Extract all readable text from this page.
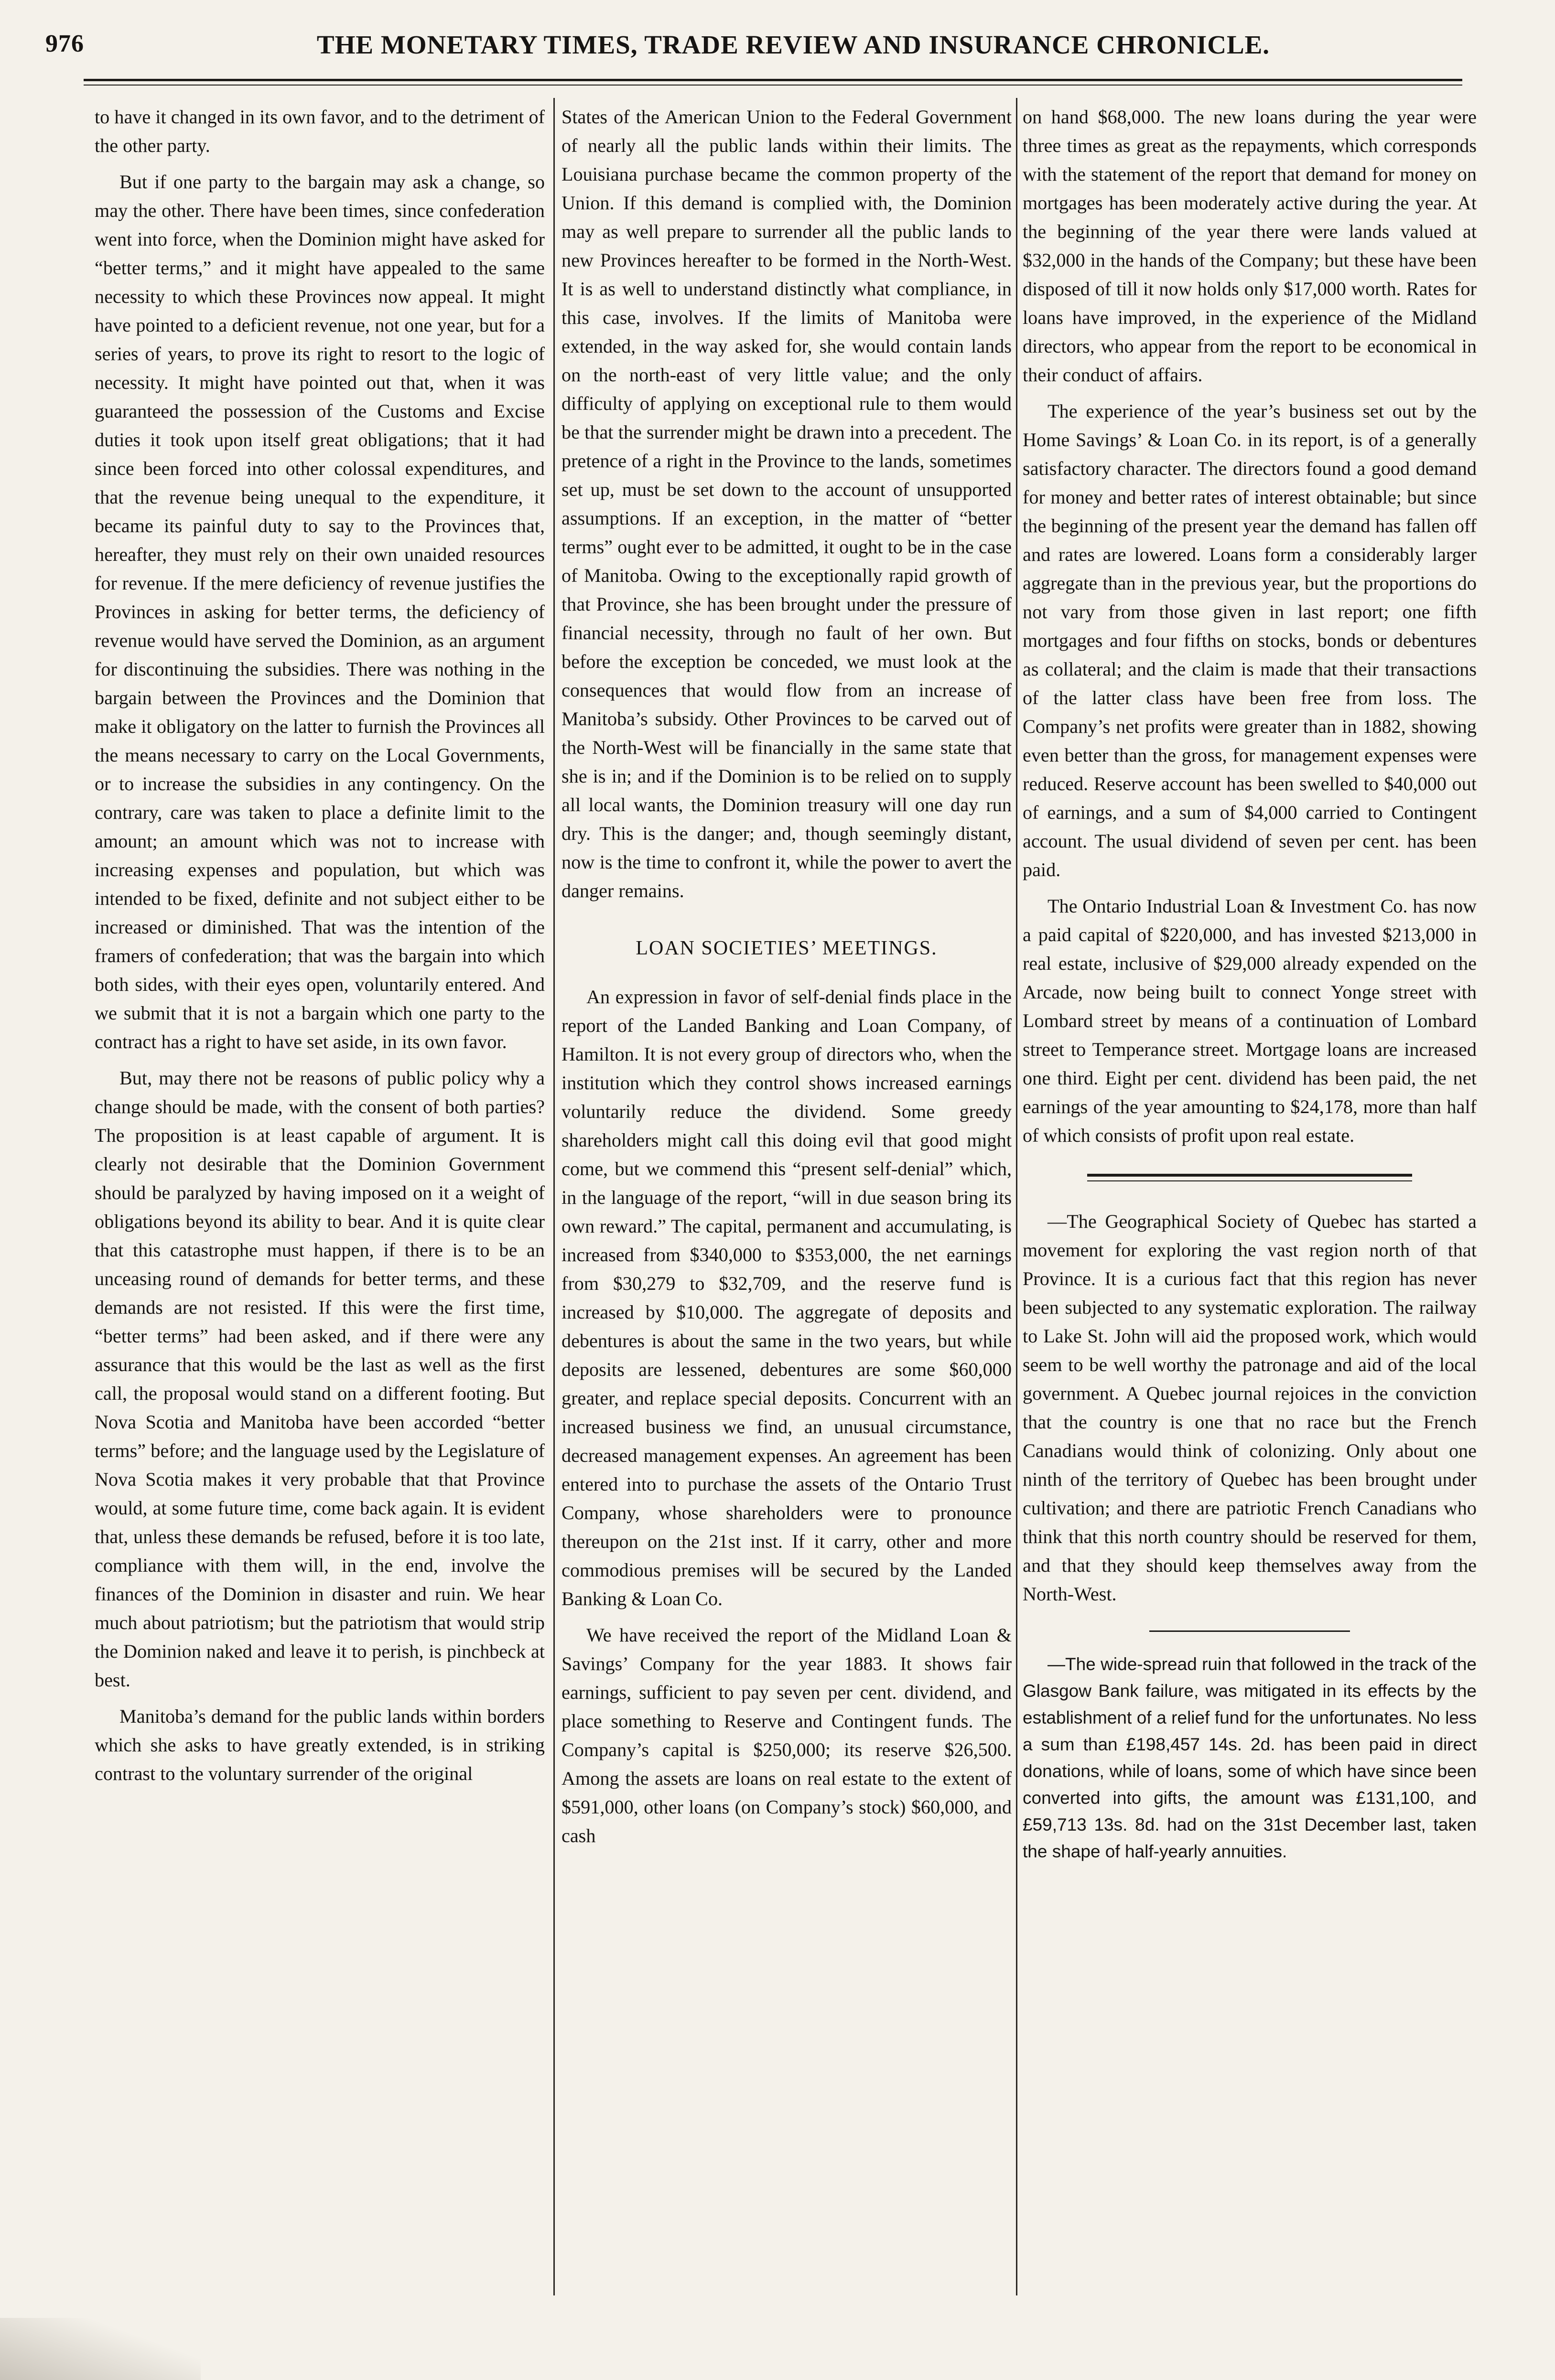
976	THE MONETARY TIMES, TRADE REVIEW AND INSURANCE CHRONICLE.

to have it changed in its own favor, and to the detriment of the other party.

But if one party to the bargain may ask a change, so may the other. There have been times, since confederation went into force, when the Dominion might have asked for “better terms,” and it might have appealed to the same necessity to which these Provinces now appeal. It might have pointed to a deficient revenue, not one year, but for a series of years, to prove its right to resort to the logic of necessity. It might have pointed out that, when it was guaranteed the possession of the Customs and Excise duties it took upon itself great obligations; that it had since been forced into other colossal expenditures, and that the revenue being unequal to the expenditure, it became its painful duty to say to the Provinces that, hereafter, they must rely on their own unaided resources for revenue. If the mere deficiency of revenue justifies the Provinces in asking for better terms, the deficiency of revenue would have served the Dominion, as an argument for discontinuing the subsidies. There was nothing in the bargain between the Provinces and the Dominion that make it obligatory on the latter to furnish the Provinces all the means necessary to carry on the Local Governments, or to increase the subsidies in any contingency. On the contrary, care was taken to place a definite limit to the amount; an amount which was not to increase with increasing expenses and population, but which was intended to be fixed, definite and not subject either to be increased or diminished. That was the intention of the framers of confederation; that was the bargain into which both sides, with their eyes open, voluntarily entered. And we submit that it is not a bargain which one party to the contract has a right to have set aside, in its own favor.

But, may there not be reasons of public policy why a change should be made, with the consent of both parties? The proposition is at least capable of argument. It is clearly not desirable that the Dominion Government should be paralyzed by having imposed on it a weight of obligations beyond its ability to bear. And it is quite clear that this catastrophe must happen, if there is to be an unceasing round of demands for better terms, and these demands are not resisted. If this were the first time, “better terms” had been asked, and if there were any assurance that this would be the last as well as the first call, the proposal would stand on a different footing. But Nova Scotia and Manitoba have been accorded “better terms” before; and the language used by the Legislature of Nova Scotia makes it very probable that that Province would, at some future time, come back again. It is evident that, unless these demands be refused, before it is too late, compliance with them will, in the end, involve the finances of the Dominion in disaster and ruin. We hear much about patriotism; but the patriotism that would strip the Dominion naked and leave it to perish, is pinchbeck at best.

Manitoba’s demand for the public lands within borders which she asks to have greatly extended, is in striking contrast to the voluntary surrender of the original

States of the American Union to the Federal Government of nearly all the public lands within their limits. The Louisiana purchase became the common property of the Union. If this demand is complied with, the Dominion may as well prepare to surrender all the public lands to new Provinces hereafter to be formed in the North-West. It is as well to understand distinctly what compliance, in this case, involves. If the limits of Manitoba were extended, in the way asked for, she would contain lands on the north-east of very little value; and the only difficulty of applying on exceptional rule to them would be that the surrender might be drawn into a precedent. The pretence of a right in the Province to the lands, sometimes set up, must be set down to the account of unsupported assumptions. If an exception, in the matter of “better terms” ought ever to be admitted, it ought to be in the case of Manitoba. Owing to the exceptionally rapid growth of that Province, she has been brought under the pressure of financial necessity, through no fault of her own. But before the exception be conceded, we must look at the consequences that would flow from an increase of Manitoba’s subsidy. Other Provinces to be carved out of the North-West will be financially in the same state that she is in; and if the Dominion is to be relied on to supply all local wants, the Dominion treasury will one day run dry. This is the danger; and, though seemingly distant, now is the time to confront it, while the power to avert the danger remains.

LOAN SOCIETIES’ MEETINGS.

An expression in favor of self-denial finds place in the report of the Landed Banking and Loan Company, of Hamilton. It is not every group of directors who, when the institution which they control shows increased earnings voluntarily reduce the dividend. Some greedy shareholders might call this doing evil that good might come, but we commend this “present self-denial” which, in the language of the report, “will in due season bring its own reward.” The capital, permanent and accumulating, is increased from $340,000 to $353,000, the net earnings from $30,279 to $32,709, and the reserve fund is increased by $10,000. The aggregate of deposits and debentures is about the same in the two years, but while deposits are lessened, debentures are some $60,000 greater, and replace special deposits. Concurrent with an increased business we find, an unusual circumstance, decreased management expenses. An agreement has been entered into to purchase the assets of the Ontario Trust Company, whose shareholders were to pronounce thereupon on the 21st inst. If it carry, other and more commodious premises will be secured by the Landed Banking & Loan Co.

We have received the report of the Midland Loan & Savings’ Company for the year 1883. It shows fair earnings, sufficient to pay seven per cent. dividend, and place something to Reserve and Contingent funds. The Company’s capital is $250,000; its reserve $26,500. Among the assets are loans on real estate to the extent of $591,000, other loans (on Company’s stock) $60,000, and cash

on hand $68,000. The new loans during the year were three times as great as the repayments, which corresponds with the statement of the report that demand for money on mortgages has been moderately active during the year. At the beginning of the year there were lands valued at $32,000 in the hands of the Company; but these have been disposed of till it now holds only $17,000 worth. Rates for loans have improved, in the experience of the Midland directors, who appear from the report to be economical in their conduct of affairs.

The experience of the year’s business set out by the Home Savings’ & Loan Co. in its report, is of a generally satisfactory character. The directors found a good demand for money and better rates of interest obtainable; but since the beginning of the present year the demand has fallen off and rates are lowered. Loans form a considerably larger aggregate than in the previous year, but the proportions do not vary from those given in last report; one fifth mortgages and four fifths on stocks, bonds or debentures as collateral; and the claim is made that their transactions of the latter class have been free from loss. The Company’s net profits were greater than in 1882, showing even better than the gross, for management expenses were reduced. Reserve account has been swelled to $40,000 out of earnings, and a sum of $4,000 carried to Contingent account. The usual dividend of seven per cent. has been paid.

The Ontario Industrial Loan & Investment Co. has now a paid capital of $220,000, and has invested $213,000 in real estate, inclusive of $29,000 already expended on the Arcade, now being built to connect Yonge street with Lombard street by means of a continuation of Lombard street to Temperance street. Mortgage loans are increased one third. Eight per cent. dividend has been paid, the net earnings of the year amounting to $24,178, more than half of which consists of profit upon real estate.

—The Geographical Society of Quebec has started a movement for exploring the vast region north of that Province. It is a curious fact that this region has never been subjected to any systematic exploration. The railway to Lake St. John will aid the proposed work, which would seem to be well worthy the patronage and aid of the local government. A Quebec journal rejoices in the conviction that the country is one that no race but the French Canadians would think of colonizing. Only about one ninth of the territory of Quebec has been brought under cultivation; and there are patriotic French Canadians who think that this north country should be reserved for them, and that they should keep themselves away from the North-West.

—The wide-spread ruin that followed in the track of the Glasgow Bank failure, was mitigated in its effects by the establishment of a relief fund for the unfortunates. No less a sum than £198,457 14s. 2d. has been paid in direct donations, while of loans, some of which have since been converted into gifts, the amount was £131,100, and £59,713 13s. 8d. had on the 31st December last, taken the shape of half-yearly annuities.
